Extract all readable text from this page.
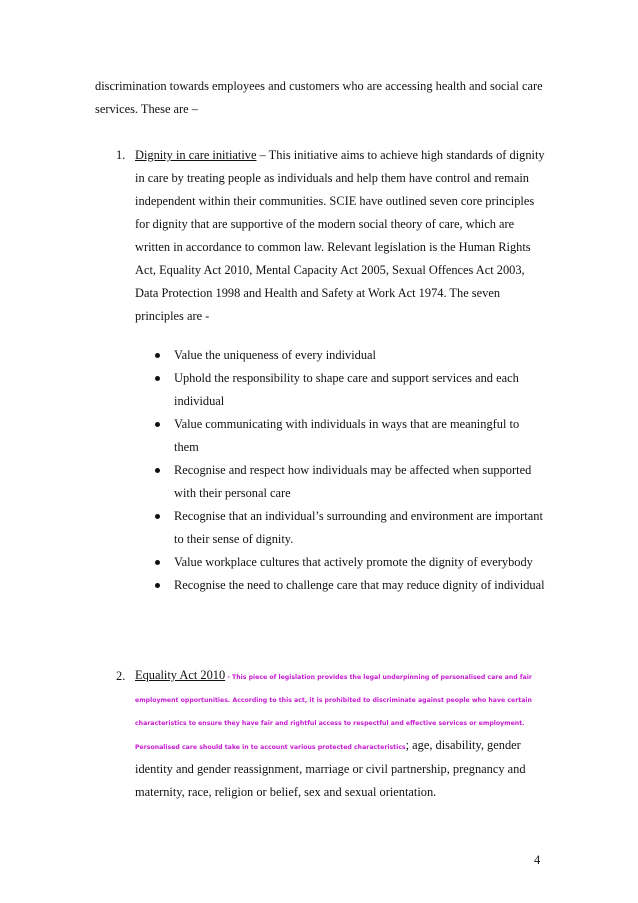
discrimination towards employees and customers who are accessing health and social care services. These are –

1. Dignity in care initiative – This initiative aims to achieve high standards of dignity in care by treating people as individuals and help them have control and remain independent within their communities. SCIE have outlined seven core principles for dignity that are supportive of the modern social theory of care, which are written in accordance to common law. Relevant legislation is the Human Rights Act, Equality Act 2010, Mental Capacity Act 2005, Sexual Offences Act 2003, Data Protection 1998 and Health and Safety at Work Act 1974. The seven principles are -

Value the uniqueness of every individual
Uphold the responsibility to shape care and support services and each individual
Value communicating with individuals in ways that are meaningful to them
Recognise and respect how individuals may be affected when supported with their personal care
Recognise that an individual’s surrounding and environment are important to their sense of dignity.
Value workplace cultures that actively promote the dignity of everybody
Recognise the need to challenge care that may reduce dignity of individual
2. Equality Act 2010 - This piece of legislation provides the legal underpinning of personalised care and fair employment opportunities. According to this act, it is prohibited to discriminate against people who have certain characteristics to ensure they have fair and rightful access to respectful and effective services or employment. Personalised care should take in to account various protected characteristics; age, disability, gender identity and gender reassignment, marriage or civil partnership, pregnancy and maternity, race, religion or belief, sex and sexual orientation.

4
